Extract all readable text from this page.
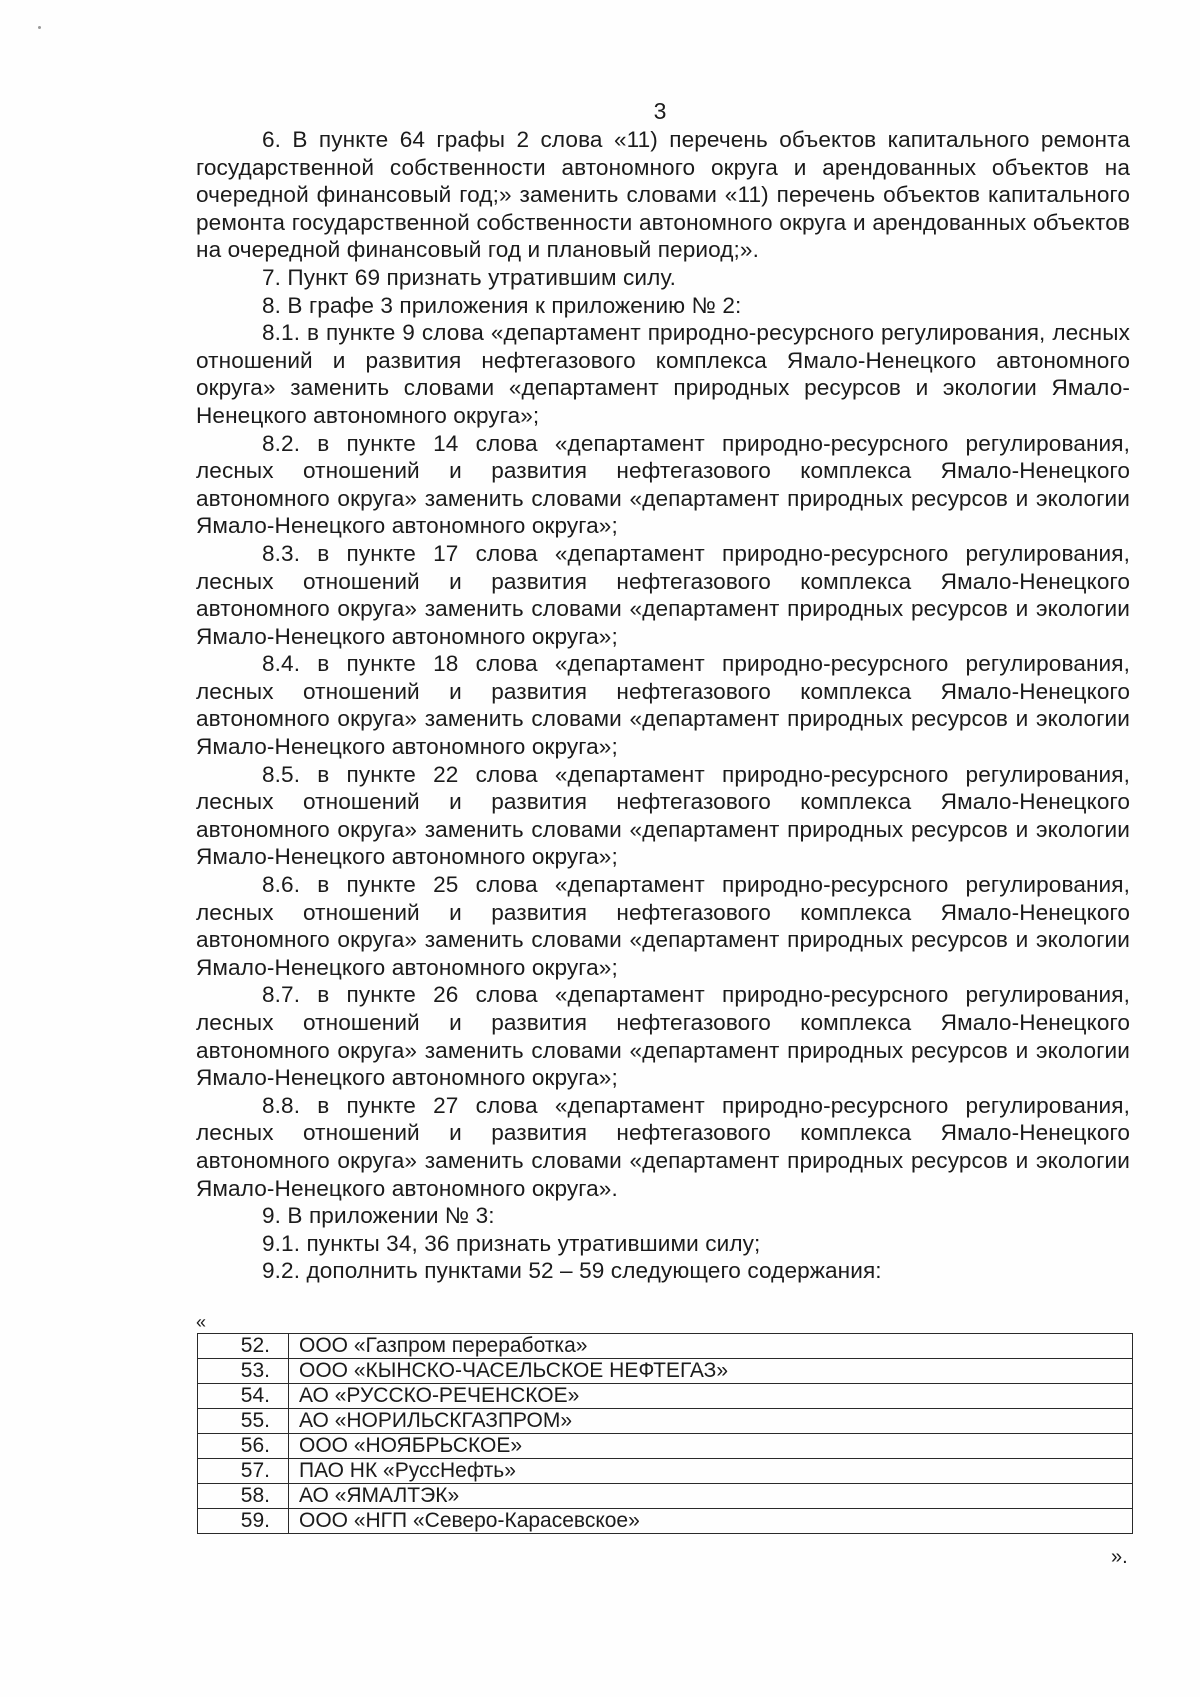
3

6. В пункте 64 графы 2 слова «11) перечень объектов капитального ремонта государственной собственности автономного округа и арендованных объектов на очередной финансовый год;» заменить словами «11) перечень объектов капитального ремонта государственной собственности автономного округа и арендованных объектов на очередной финансовый год и плановый период;».

7. Пункт 69 признать утратившим силу.

8. В графе 3 приложения к приложению № 2:

8.1. в пункте 9 слова «департамент природно-ресурсного регулирования, лесных отношений и развития нефтегазового комплекса Ямало-Ненецкого автономного округа» заменить словами «департамент природных ресурсов и экологии Ямало-Ненецкого автономного округа»;

8.2. в пункте 14 слова «департамент природно-ресурсного регулирования, лесных отношений и развития нефтегазового комплекса Ямало-Ненецкого автономного округа» заменить словами «департамент природных ресурсов и экологии Ямало-Ненецкого автономного округа»;

8.3. в пункте 17 слова «департамент природно-ресурсного регулирования, лесных отношений и развития нефтегазового комплекса Ямало-Ненецкого автономного округа» заменить словами «департамент природных ресурсов и экологии Ямало-Ненецкого автономного округа»;

8.4. в пункте 18 слова «департамент природно-ресурсного регулирования, лесных отношений и развития нефтегазового комплекса Ямало-Ненецкого автономного округа» заменить словами «департамент природных ресурсов и экологии Ямало-Ненецкого автономного округа»;

8.5. в пункте 22 слова «департамент природно-ресурсного регулирования, лесных отношений и развития нефтегазового комплекса Ямало-Ненецкого автономного округа» заменить словами «департамент природных ресурсов и экологии Ямало-Ненецкого автономного округа»;

8.6. в пункте 25 слова «департамент природно-ресурсного регулирования, лесных отношений и развития нефтегазового комплекса Ямало-Ненецкого автономного округа» заменить словами «департамент природных ресурсов и экологии Ямало-Ненецкого автономного округа»;

8.7. в пункте 26 слова «департамент природно-ресурсного регулирования, лесных отношений и развития нефтегазового комплекса Ямало-Ненецкого автономного округа» заменить словами «департамент природных ресурсов и экологии Ямало-Ненецкого автономного округа»;

8.8. в пункте 27 слова «департамент природно-ресурсного регулирования, лесных отношений и развития нефтегазового комплекса Ямало-Ненецкого автономного округа» заменить словами «департамент природных ресурсов и экологии Ямало-Ненецкого автономного округа».

9. В приложении № 3:

9.1. пункты 34, 36 признать утратившими силу;

9.2. дополнить пунктами 52 – 59 следующего содержания:

«
52.	ООО «Газпром переработка»
53.	ООО «КЫНСКО-ЧАСЕЛЬСКОЕ НЕФТЕГАЗ»
54.	АО «РУССКО-РЕЧЕНСКОЕ»
55.	АО «НОРИЛЬСКГАЗПРОМ»
56.	ООО «НОЯБРЬСКОЕ»
57.	ПАО НК «РуссНефть»
58.	АО «ЯМАЛТЭК»
59.	ООО «НГП «Северо-Карасевское»
».
